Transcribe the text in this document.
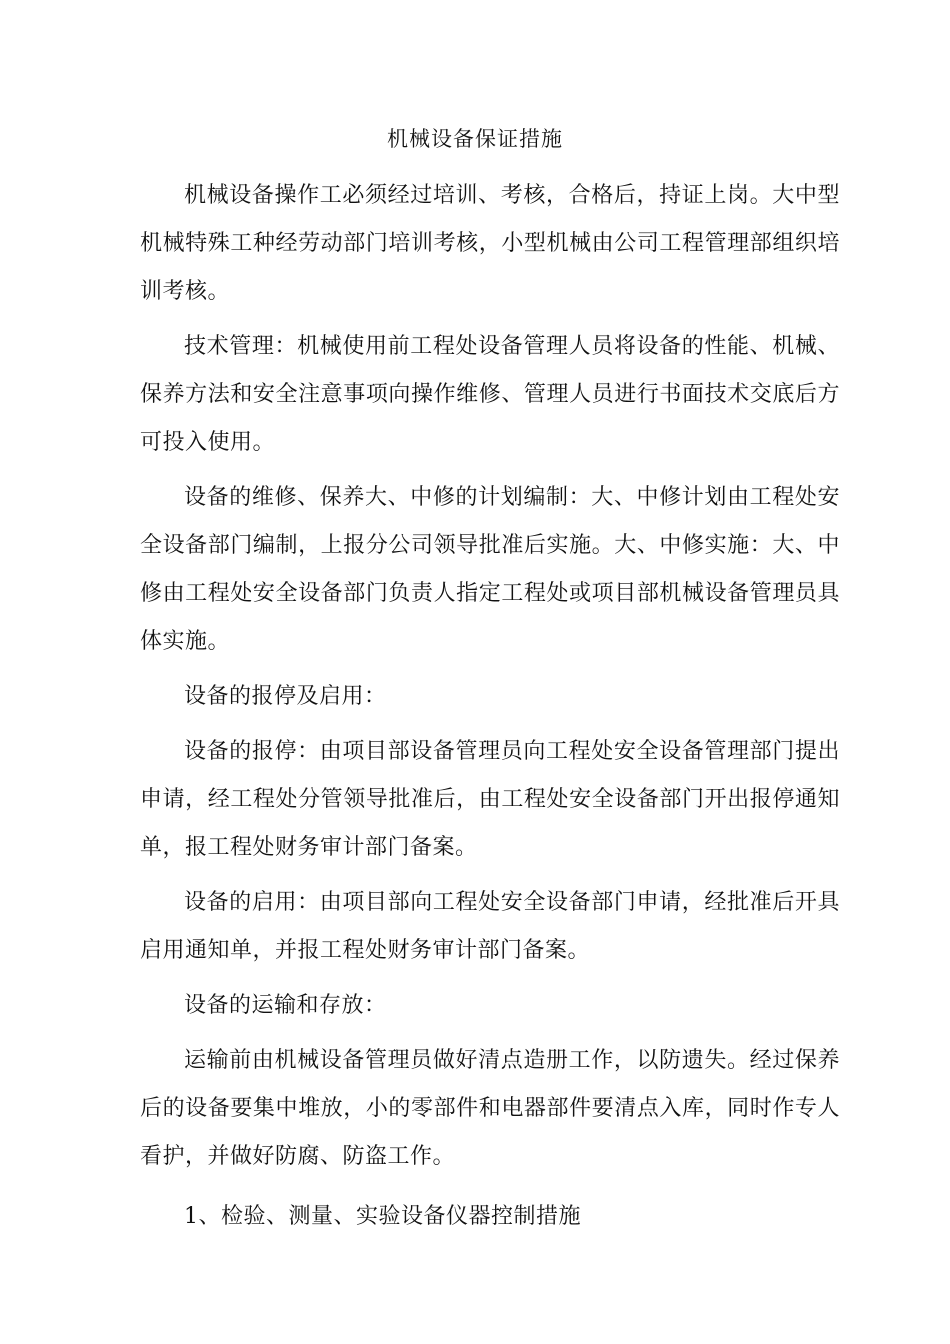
机械设备保证措施

机械设备操作工必须经过培训、考核，合格后，持证上岗。大中型机械特殊工种经劳动部门培训考核，小型机械由公司工程管理部组织培训考核。

技术管理：机械使用前工程处设备管理人员将设备的性能、机械、保养方法和安全注意事项向操作维修、管理人员进行书面技术交底后方可投入使用。

设备的维修、保养大、中修的计划编制：大、中修计划由工程处安全设备部门编制，上报分公司领导批准后实施。大、中修实施：大、中修由工程处安全设备部门负责人指定工程处或项目部机械设备管理员具体实施。

设备的报停及启用：

设备的报停：由项目部设备管理员向工程处安全设备管理部门提出申请，经工程处分管领导批准后，由工程处安全设备部门开出报停通知单，报工程处财务审计部门备案。

设备的启用：由项目部向工程处安全设备部门申请，经批准后开具启用通知单，并报工程处财务审计部门备案。

设备的运输和存放：

运输前由机械设备管理员做好清点造册工作，以防遗失。经过保养后的设备要集中堆放，小的零部件和电器部件要清点入库，同时作专人看护，并做好防腐、防盗工作。

1、检验、测量、实验设备仪器控制措施
